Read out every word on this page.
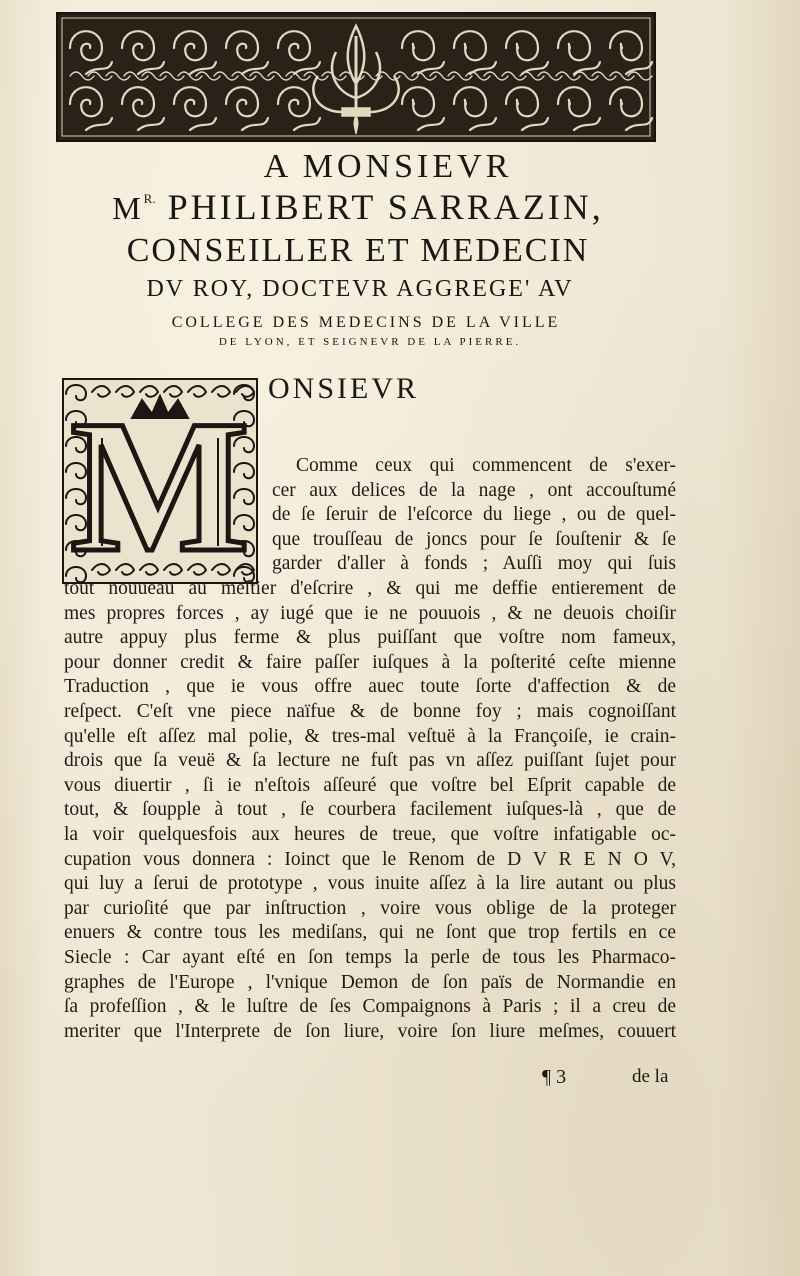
A MONSIEVR
$M^{R.}$ PHILIBERT SARRAZIN,
CONSEILLER ET MEDECIN
DV ROY, DOCTEVR AGGREGE' AV
COLLEGE DES MEDECINS DE LA VILLE
DE LYON, ET SEIGNEVR DE LA PIERRE.
M ONSIEVR
Comme ceux qui commencent de s'exer-
cer aux delices de la nage , ont accouſtumé
de ſe ſeruir de l'eſcorce du liege , ou de quel-
que trouſſeau de joncs pour ſe ſouſtenir & ſe
garder d'aller à fonds ; Auſſi moy qui ſuis
tout nouueau au meſtier d'eſcrire , & qui me deffie entierement de
mes propres forces , ay iugé que ie ne pouuois , & ne deuois choiſir
autre appuy plus ferme & plus puiſſant que voſtre nom fameux,
pour donner credit & faire paſſer iuſques à la poſterité ceſte mienne
Traduction , que ie vous offre auec toute ſorte d'affection & de
reſpect. C'eſt vne piece naïfue & de bonne foy ; mais cognoiſſant
qu'elle eſt aſſez mal polie, & tres-mal veſtuë à la Françoiſe, ie crain-
drois que ſa veuë & ſa lecture ne fuſt pas vn aſſez puiſſant ſujet pour
vous diuertir , ſi ie n'eſtois aſſeuré que voſtre bel Eſprit capable de
tout, & ſoupple à tout , ſe courbera facilement iuſques-là , que de
la voir quelquesfois aux heures de treue, que voſtre infatigable oc-
cupation vous donnera : Ioinct que le Renom de D V R E N O V,
qui luy a ſerui de prototype , vous inuite aſſez à la lire autant ou plus
par curioſité que par inſtruction , voire vous oblige de la proteger
enuers & contre tous les mediſans, qui ne ſont que trop fertils en ce
Siecle : Car ayant eſté en ſon temps la perle de tous les Pharmaco-
graphes de l'Europe , l'vnique Demon de ſon païs de Normandie en
ſa profeſſion , & le luſtre de ſes Compaignons à Paris ; il a creu de
meriter que l'Interprete de ſon liure, voire ſon liure meſmes, couuert
¶ 3	de la
